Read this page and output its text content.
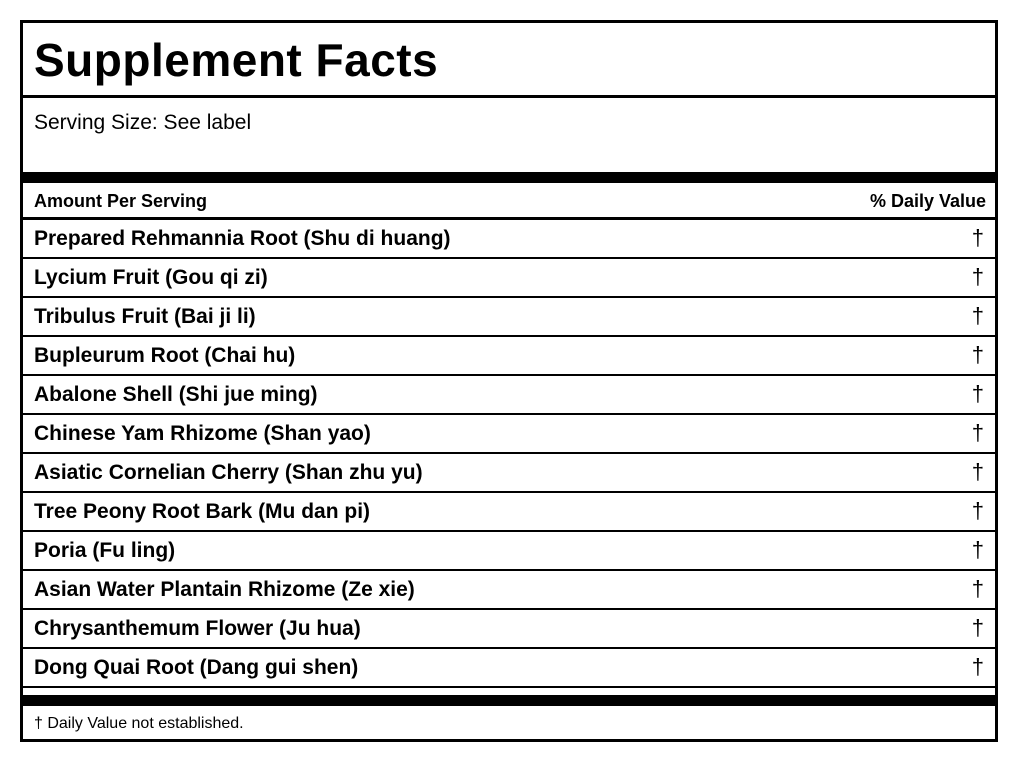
Supplement Facts
Serving Size: See label
Amount Per Serving	% Daily Value
Prepared Rehmannia Root (Shu di huang)	†
Lycium Fruit (Gou qi zi)	†
Tribulus Fruit (Bai ji li)	†
Bupleurum Root (Chai hu)	†
Abalone Shell (Shi jue ming)	†
Chinese Yam Rhizome (Shan yao)	†
Asiatic Cornelian Cherry (Shan zhu yu)	†
Tree Peony Root Bark (Mu dan pi)	†
Poria (Fu ling)	†
Asian Water Plantain Rhizome (Ze xie)	†
Chrysanthemum Flower (Ju hua)	†
Dong Quai Root (Dang gui shen)	†
† Daily Value not established.
